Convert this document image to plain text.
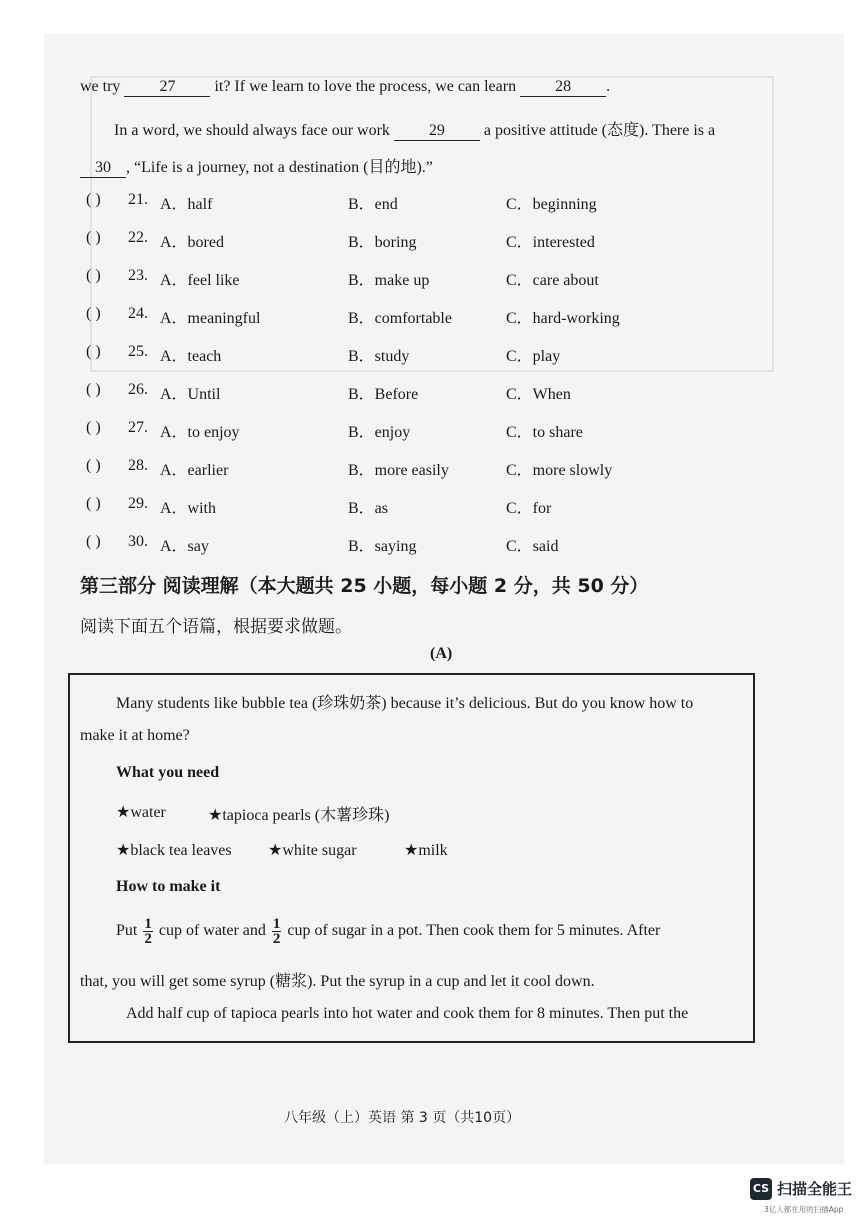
we try 27 it? If we learn to love the process, we can learn 28 .
In a word, we should always face our work 29 a positive attitude (态度). There is a
30 , “Life is a journey, not a destination (目的地).”
( ) 21. A．half	B．end	C．beginning
( ) 22. A．bored	B．boring	C．interested
( ) 23. A．feel like	B．make up	C．care about
( ) 24. A．meaningful	B．comfortable	C．hard-working
( ) 25. A．teach	B．study	C．play
( ) 26. A．Until	B．Before	C．When
( ) 27. A．to enjoy	B．enjoy	C．to share
( ) 28. A．earlier	B．more easily	C．more slowly
( ) 29. A．with	B．as	C．for
( ) 30. A．say	B．saying	C．said
第三部分 阅读理解（本大题共 25 小题，每小题 2 分，共 50 分）
阅读下面五个语篇，根据要求做题。
(A)
Many students like bubble tea (珍珠奶茶) because it’s delicious. But do you know how to
make it at home?
What you need
★water	★tapioca pearls (木薯珍珠)
★black tea leaves ★white sugar	★milk
How to make it
Put $\frac{1}{2}$ cup of water and $\frac{1}{2}$ cup of sugar in a pot. Then cook them for 5 minutes. After
that, you will get some syrup (糖浆). Put the syrup in a cup and let it cool down.
Add half cup of tapioca pearls into hot water and cook them for 8 minutes. Then put the
八年级（上）英语 第 3 页（共10页）
CS 扫描全能王
3亿人都在用的扫描App
